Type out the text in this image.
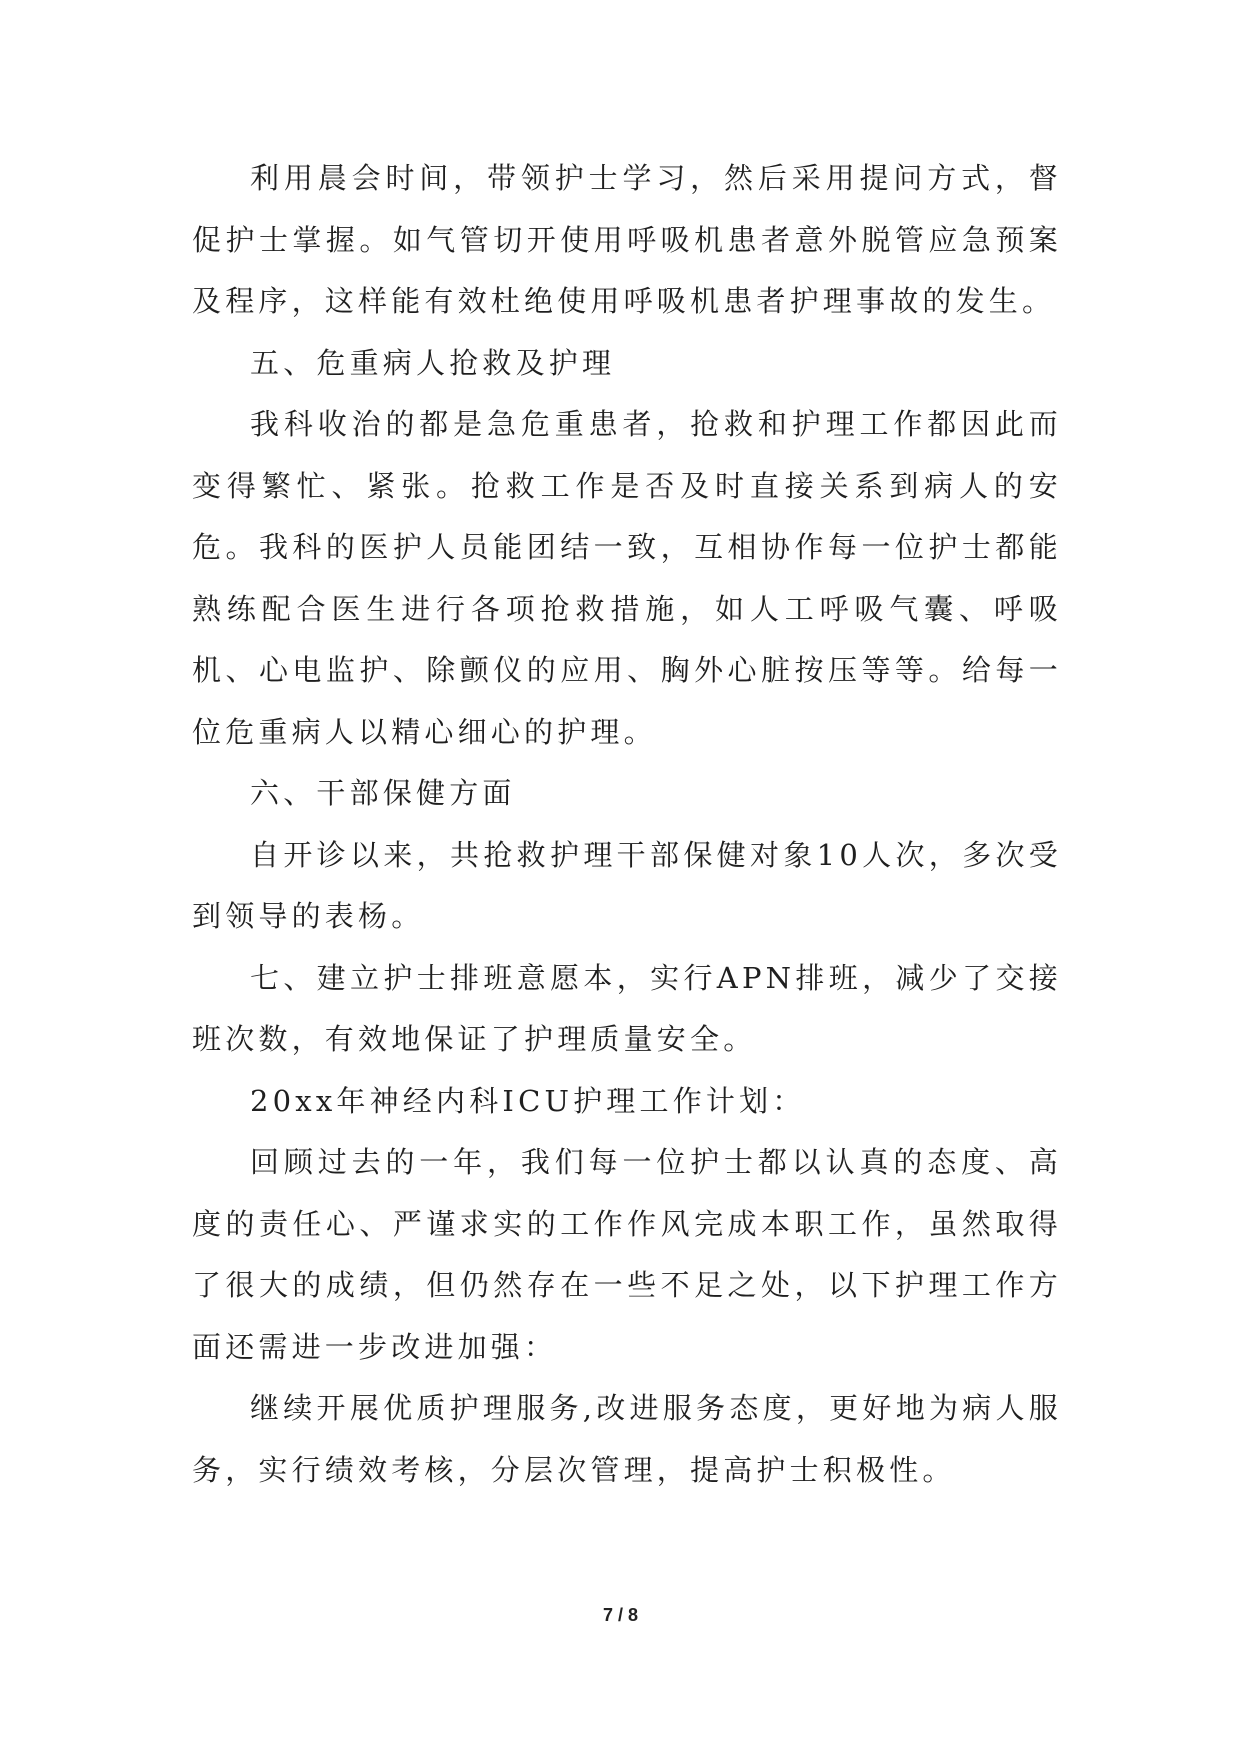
利用晨会时间，带领护士学习，然后采用提问方式，督促护士掌握。如气管切开使用呼吸机患者意外脱管应急预案及程序，这样能有效杜绝使用呼吸机患者护理事故的发生。

五、危重病人抢救及护理

我科收治的都是急危重患者，抢救和护理工作都因此而变得繁忙、紧张。抢救工作是否及时直接关系到病人的安危。我科的医护人员能团结一致，互相协作每一位护士都能熟练配合医生进行各项抢救措施，如人工呼吸气囊、呼吸机、心电监护、除颤仪的应用、胸外心脏按压等等。给每一位危重病人以精心细心的护理。

六、干部保健方面

自开诊以来，共抢救护理干部保健对象10人次，多次受到领导的表杨。

七、建立护士排班意愿本，实行APN排班，减少了交接班次数，有效地保证了护理质量安全。

20xx年神经内科ICU护理工作计划：

回顾过去的一年，我们每一位护士都以认真的态度、高度的责任心、严谨求实的工作作风完成本职工作，虽然取得了很大的成绩，但仍然存在一些不足之处，以下护理工作方面还需进一步改进加强：

继续开展优质护理服务,改进服务态度，更好地为病人服务，实行绩效考核，分层次管理，提高护士积极性。

7 / 8
